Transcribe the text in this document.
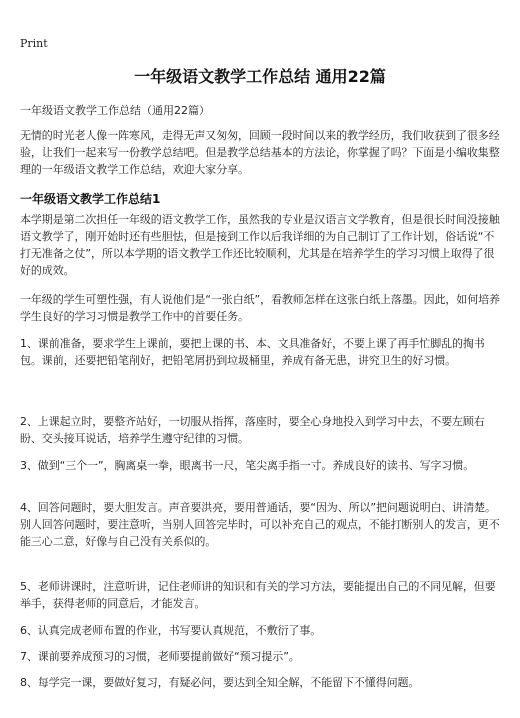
Print
一年级语文教学工作总结 通用22篇
一年级语文教学工作总结（通用22篇）
无情的时光老人像一阵寒风，走得无声又匆匆，回顾一段时间以来的教学经历，我们收获到了很多经验，让我们一起来写一份教学总结吧。但是教学总结基本的方法论，你掌握了吗？下面是小编收集整理的一年级语文教学工作总结，欢迎大家分享。
一年级语文教学工作总结1
本学期是第二次担任一年级的语文教学工作，虽然我的专业是汉语言文学教育，但是很长时间没接触语文教学了，刚开始时还有些胆怯，但是接到工作以后我详细的为自己制订了工作计划，俗话说“不打无准备之仗”，所以本学期的语文教学工作还比较顺利，尤其是在培养学生的学习习惯上取得了很好的成效。
一年级的学生可塑性强，有人说他们是“一张白纸”，看教师怎样在这张白纸上落墨。因此，如何培养学生良好的学习习惯是教学工作中的首要任务。
1、课前准备，要求学生上课前，要把上课的书、本、文具准备好，不要上课了再手忙脚乱的掏书包。课前，还要把铅笔削好，把铅笔屑扔到垃圾桶里，养成有备无患，讲究卫生的好习惯。
2、上课起立时，要整齐站好，一切服从指挥，落座时，要全心身地投入到学习中去，不要左顾右盼、交头接耳说话，培养学生遵守纪律的习惯。
3、做到“三个一”，胸离桌一拳，眼离书一尺，笔尖离手指一寸。养成良好的读书、写字习惯。
4、回答问题时，要大胆发言。声音要洪亮，要用普通话，要“因为、所以”把问题说明白、讲清楚。别人回答问题时，要注意听，当别人回答完毕时，可以补充自己的观点，不能打断别人的发言，更不能三心二意，好像与自己没有关系似的。
5、老师讲课时，注意听讲，记住老师讲的知识和有关的学习方法，要能提出自己的不同见解，但要举手，获得老师的同意后，才能发言。
6、认真完成老师布置的作业，书写要认真规范，不敷衍了事。
7、课前要养成预习的习惯，老师要提前做好“预习提示”。
8、每学完一课，要做好复习，有疑必问，要达到全知全解，不能留下不懂得问题。
